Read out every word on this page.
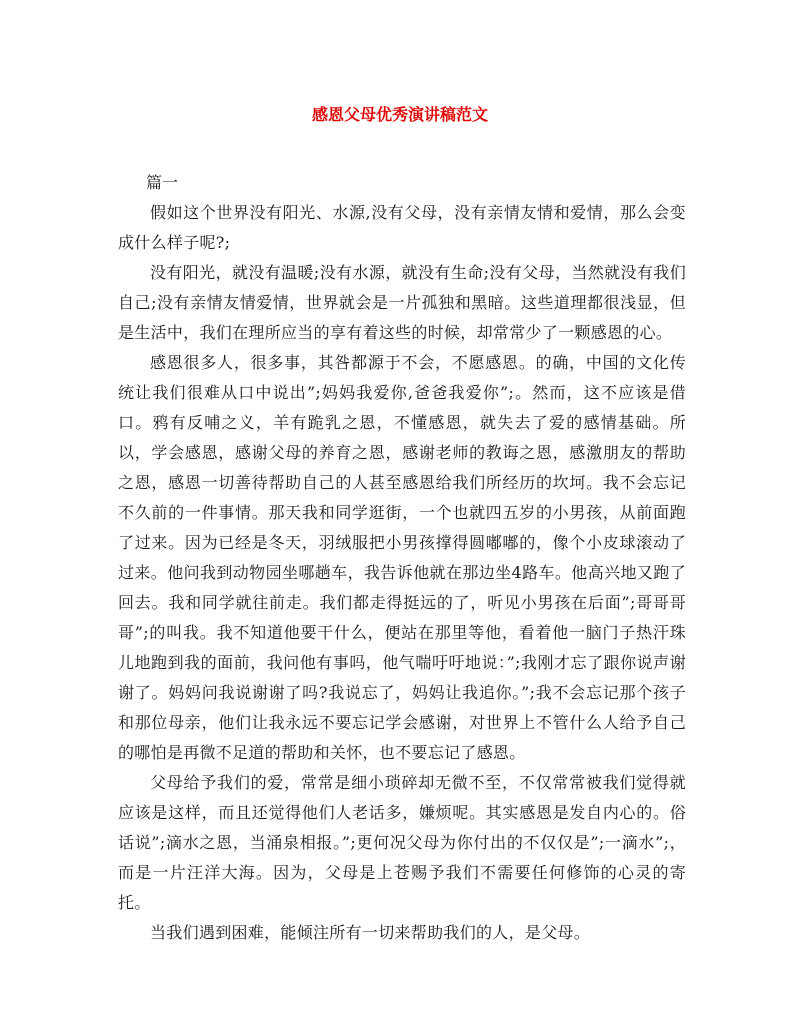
感恩父母优秀演讲稿范文

篇一

假如这个世界没有阳光、水源,没有父母，没有亲情友情和爱情，那么会变成什么样子呢?;

没有阳光，就没有温暖;没有水源，就没有生命;没有父母，当然就没有我们自己;没有亲情友情爱情，世界就会是一片孤独和黑暗。这些道理都很浅显，但是生活中，我们在理所应当的享有着这些的时候，却常常少了一颗感恩的心。

感恩很多人，很多事，其咎都源于不会，不愿感恩。的确，中国的文化传统让我们很难从口中说出”;妈妈我爱你,爸爸我爱你”;。然而，这不应该是借口。鸦有反哺之义，羊有跪乳之恩，不懂感恩，就失去了爱的感情基础。所以，学会感恩，感谢父母的养育之恩，感谢老师的教诲之恩，感激朋友的帮助之恩，感恩一切善待帮助自己的人甚至感恩给我们所经历的坎坷。我不会忘记不久前的一件事情。那天我和同学逛街，一个也就四五岁的小男孩，从前面跑了过来。因为已经是冬天，羽绒服把小男孩撑得圆嘟嘟的，像个小皮球滚动了过来。他问我到动物园坐哪趟车，我告诉他就在那边坐4路车。他高兴地又跑了回去。我和同学就往前走。我们都走得挺远的了，听见小男孩在后面”;哥哥哥哥”;的叫我。我不知道他要干什么，便站在那里等他，看着他一脑门子热汗珠儿地跑到我的面前，我问他有事吗，他气喘吁吁地说：”;我刚才忘了跟你说声谢谢了。妈妈问我说谢谢了吗?我说忘了，妈妈让我追你。”;我不会忘记那个孩子和那位母亲，他们让我永远不要忘记学会感谢，对世界上不管什么人给予自己的哪怕是再微不足道的帮助和关怀，也不要忘记了感恩。

父母给予我们的爱，常常是细小琐碎却无微不至，不仅常常被我们觉得就应该是这样，而且还觉得他们人老话多，嫌烦呢。其实感恩是发自内心的。俗话说”;滴水之恩，当涌泉相报。”;更何况父母为你付出的不仅仅是”;一滴水”;，而是一片汪洋大海。因为，父母是上苍赐予我们不需要任何修饰的心灵的寄托。

当我们遇到困难，能倾注所有一切来帮助我们的人，是父母。
